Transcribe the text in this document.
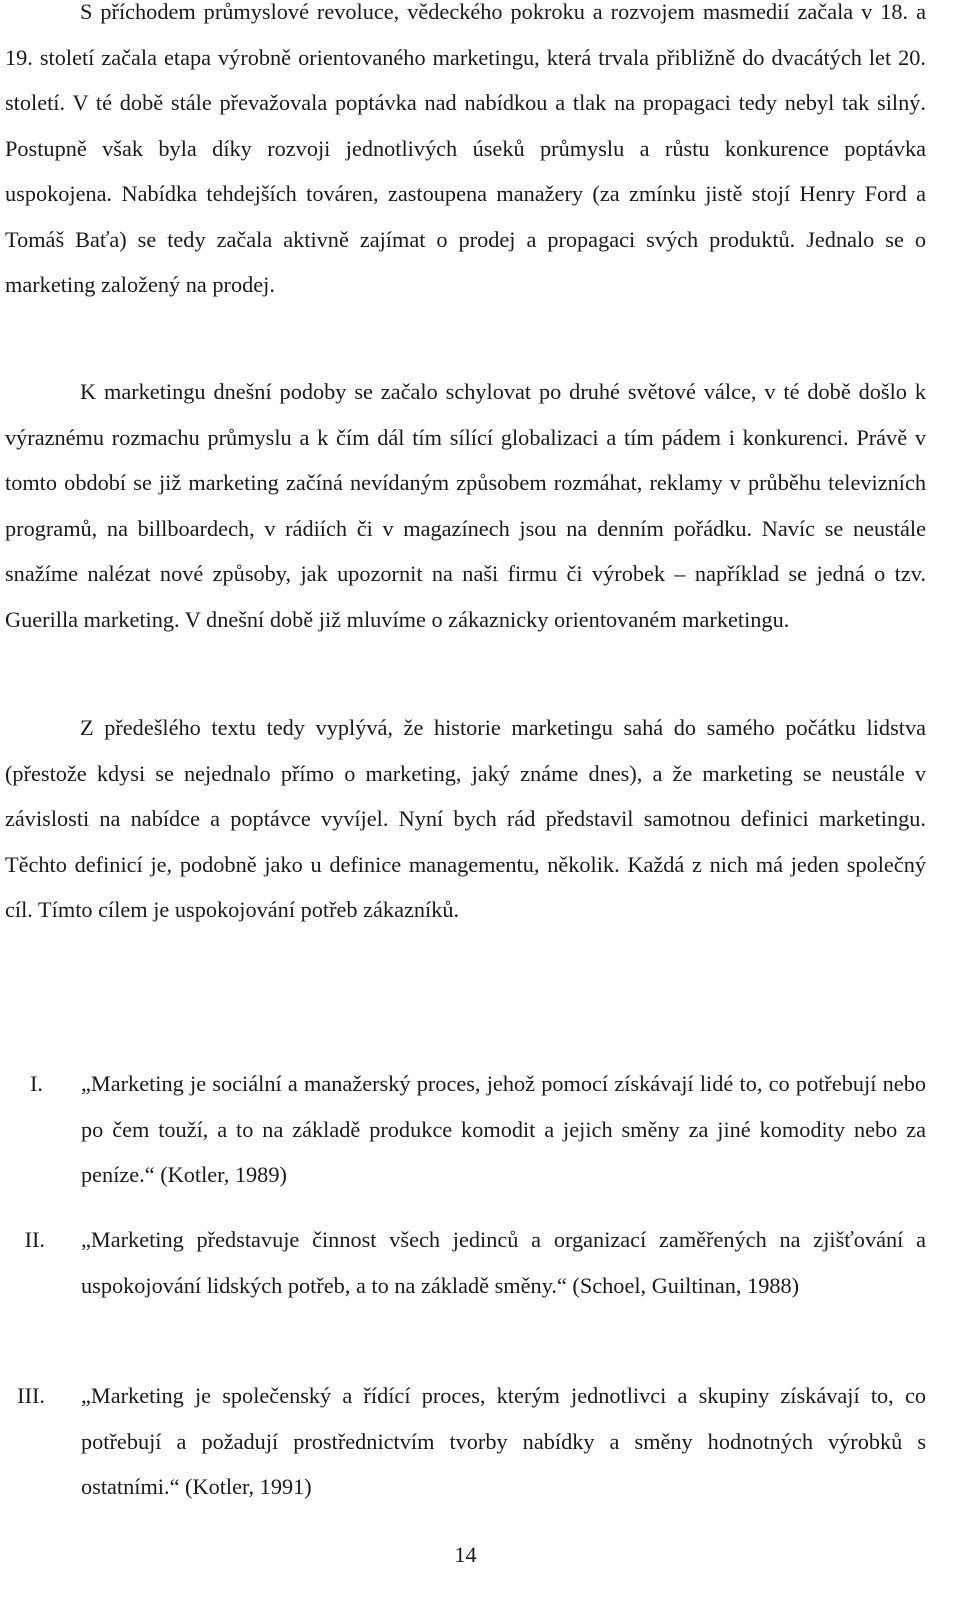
S příchodem průmyslové revoluce, vědeckého pokroku a rozvojem masmedií začala v 18. a 19. století začala etapa výrobně orientovaného marketingu, která trvala přibližně do dvacátých let 20. století. V té době stále převažovala poptávka nad nabídkou a tlak na propagaci tedy nebyl tak silný. Postupně však byla díky rozvoji jednotlivých úseků průmyslu a růstu konkurence poptávka uspokojena. Nabídka tehdejších továren, zastoupena manažery (za zmínku jistě stojí Henry Ford a Tomáš Baťa) se tedy začala aktivně zajímat o prodej a propagaci svých produktů. Jednalo se o marketing založený na prodej.

K marketingu dnešní podoby se začalo schylovat po druhé světové válce, v té době došlo k výraznému rozmachu průmyslu a k čím dál tím sílící globalizaci a tím pádem i konkurenci. Právě v tomto období se již marketing začíná nevídaným způsobem rozmáhat, reklamy v průběhu televizních programů, na billboardech, v rádiích či v magazínech jsou na denním pořádku. Navíc se neustále snažíme nalézat nové způsoby, jak upozornit na naši firmu či výrobek – například se jedná o tzv. Guerilla marketing. V dnešní době již mluvíme o zákaznicky orientovaném marketingu.

Z předešlého textu tedy vyplývá, že historie marketingu sahá do samého počátku lidstva (přestože kdysi se nejednalo přímo o marketing, jaký známe dnes), a že marketing se neustále v závislosti na nabídce a poptávce vyvíjel. Nyní bych rád představil samotnou definici marketingu. Těchto definicí je, podobně jako u definice managementu, několik. Každá z nich má jeden společný cíl. Tímto cílem je uspokojování potřeb zákazníků.

I. „Marketing je sociální a manažerský proces, jehož pomocí získávají lidé to, co potřebují nebo po čem touží, a to na základě produkce komodit a jejich směny za jiné komodity nebo za peníze.“ (Kotler, 1989)
II. „Marketing představuje činnost všech jedinců a organizací zaměřených na zjišťování a uspokojování lidských potřeb, a to na základě směny.“ (Schoel, Guiltinan, 1988)
III. „Marketing je společenský a řídící proces, kterým jednotlivci a skupiny získávají to, co potřebují a požadují prostřednictvím tvorby nabídky a směny hodnotných výrobků s ostatními.“ (Kotler, 1991)
14
